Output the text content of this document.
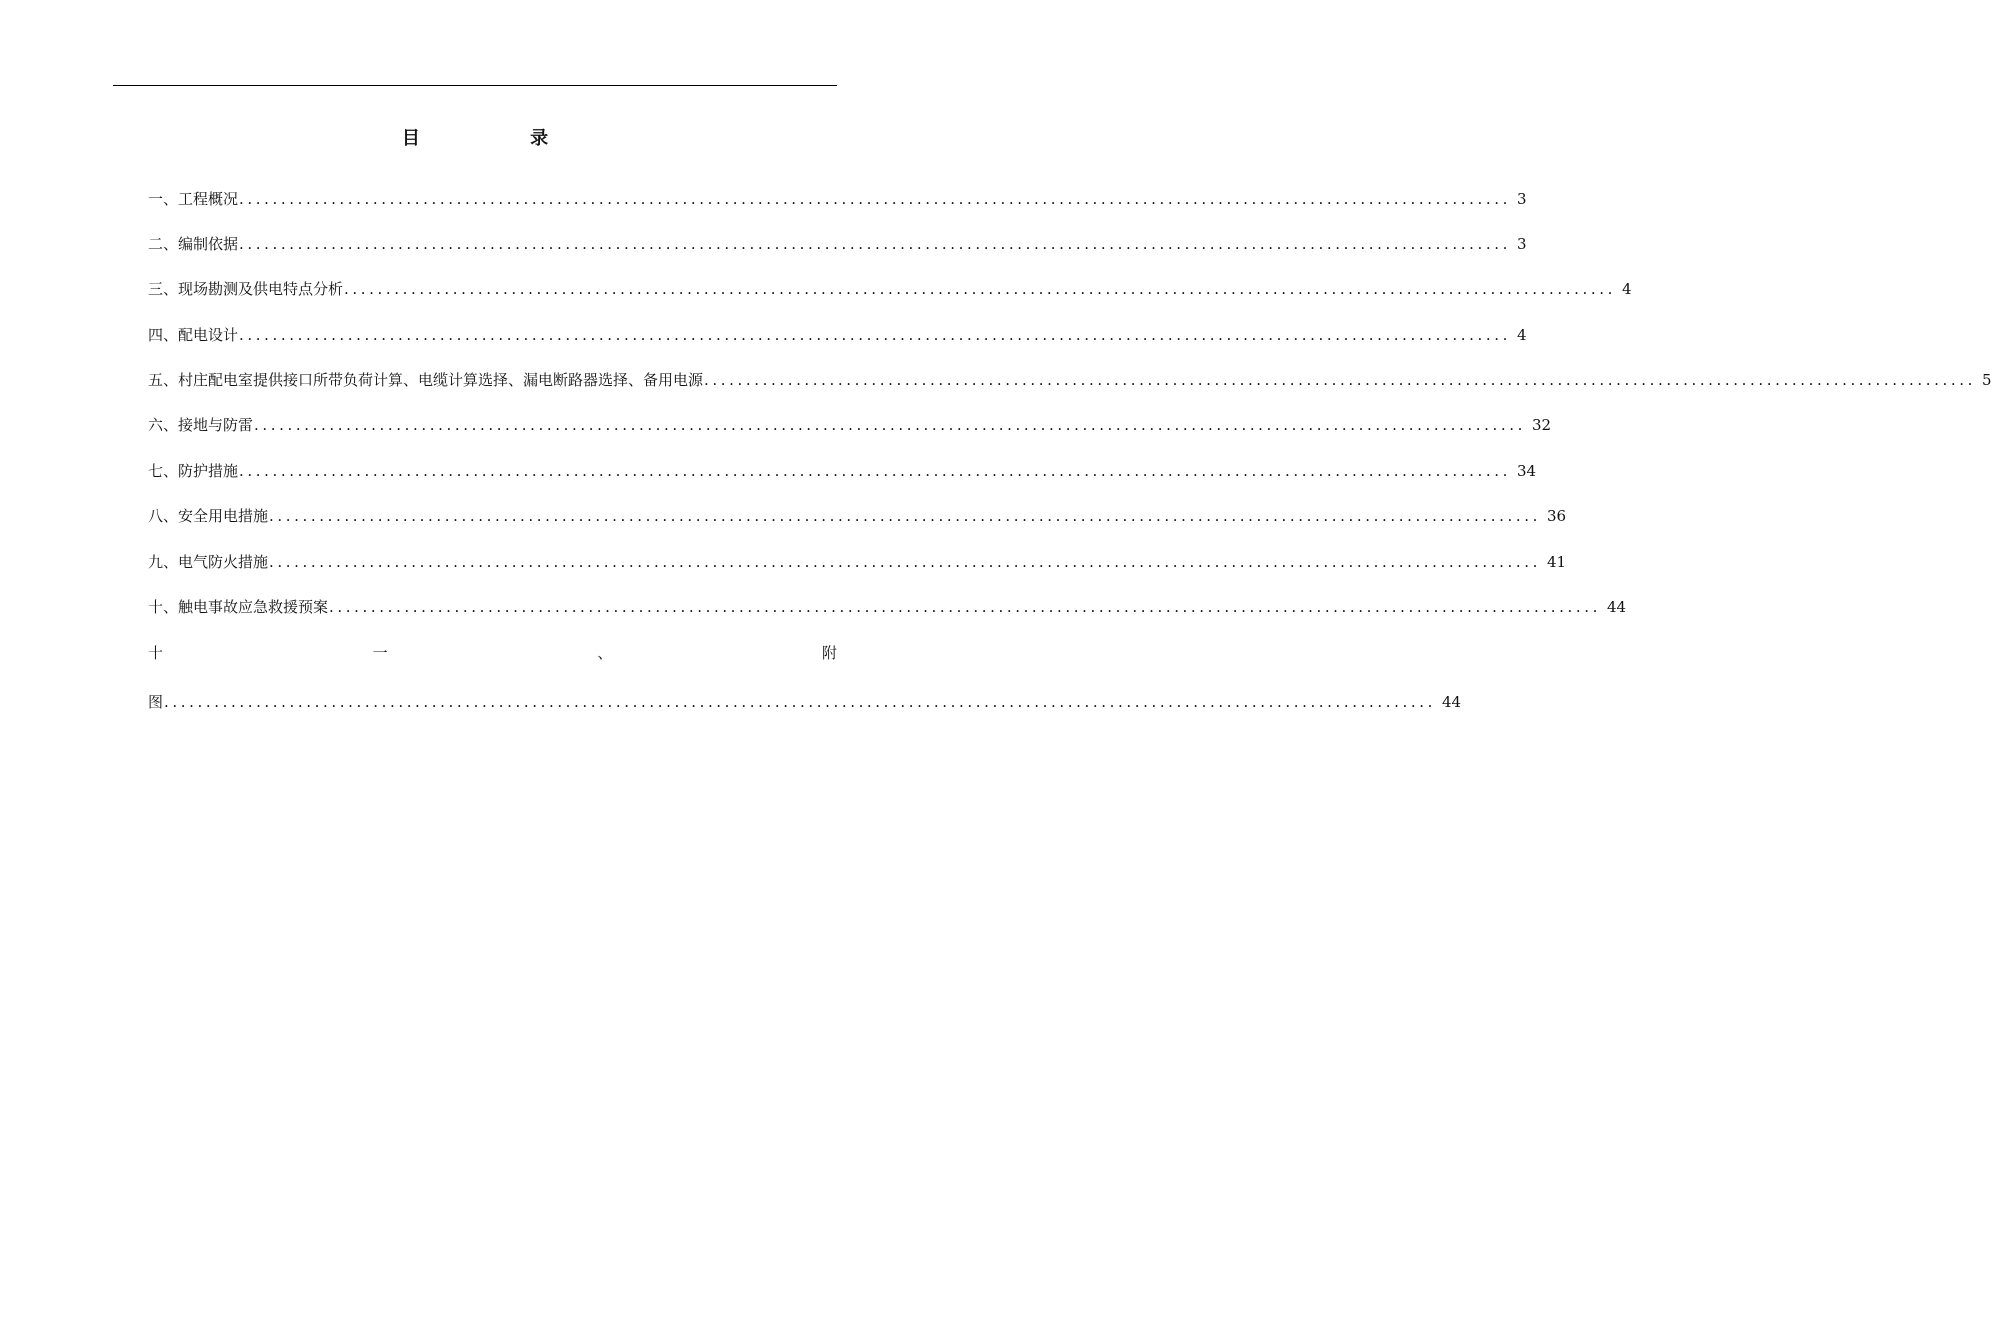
目 录
一、工程概况 ........................................................................................................................................................ 3
二、编制依据 ........................................................................................................................................................ 3
三、现场勘测及供电特点分析 ........................................................................................................................................................ 4
四、配电设计 ........................................................................................................................................................ 4
五、村庄配电室提供接口所带负荷计算、电缆计算选择、漏电断路器选择、备用电源 ........................................................................................................................................................ 5
六、接地与防雷 ........................................................................................................................................................ 32
七、防护措施 ........................................................................................................................................................ 34
八、安全用电措施 ........................................................................................................................................................ 36
九、电气防火措施 ........................................................................................................................................................ 41
十、触电事故应急救援预案 ........................................................................................................................................................ 44
十	一	、	附
图 ........................................................................................................................................................ 44
